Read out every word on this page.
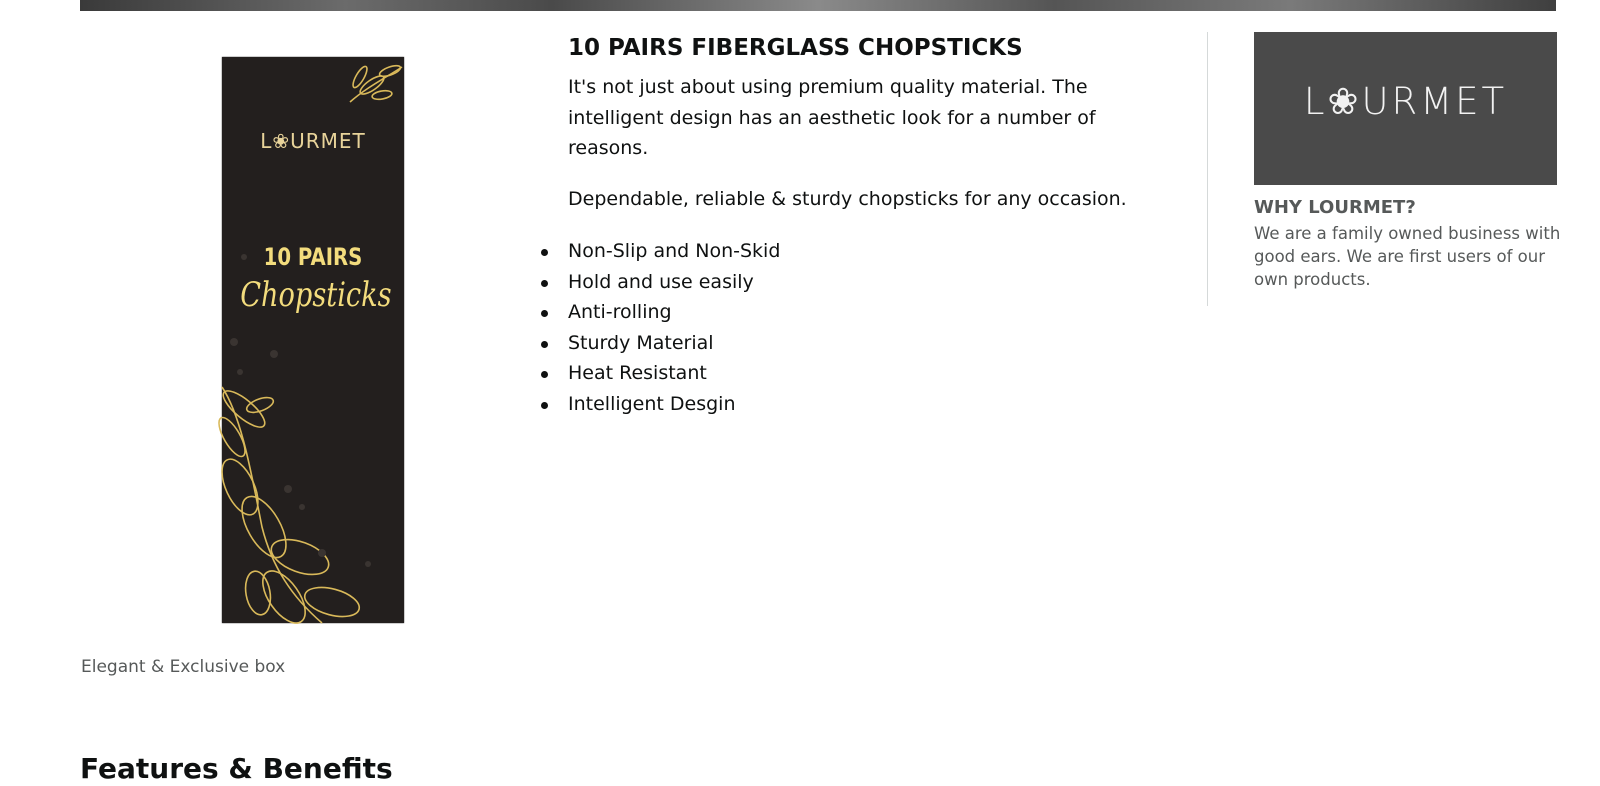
L❀URMET
10 PAIRS
Chopsticks
Elegant & Exclusive box
10 PAIRS FIBERGLASS CHOPSTICKS

It's not just about using premium quality material. The intelligent design has an aesthetic look for a number of reasons.

Dependable, reliable & sturdy chopsticks for any occasion.

Non-Slip and Non-Skid
Hold and use easily
Anti-rolling
Sturdy Material
Heat Resistant
Intelligent Desgin
L❀URMET
WHY LOURMET?

We are a family owned business with good ears. We are first users of our own products.

Features & Benefits
